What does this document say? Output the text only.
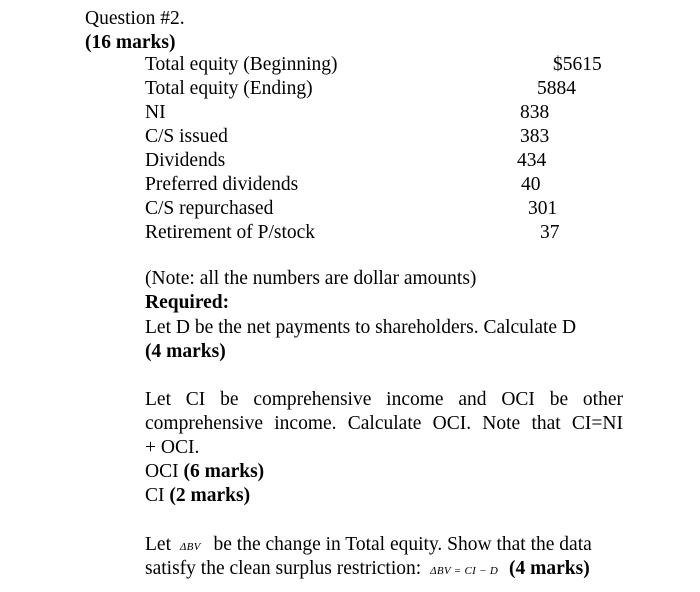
Question #2.
(16 marks)
Total equity (Beginning)	$5615
Total equity (Ending)	5884
NI	838
C/S issued	383
Dividends	434
Preferred dividends	40
C/S repurchased	301
Retirement of P/stock	37
(Note: all the numbers are dollar amounts)
Required:
Let D be the net payments to shareholders. Calculate D
(4 marks)
Let CI be comprehensive income and OCI be other
comprehensive income. Calculate OCI. Note that CI=NI
+ OCI.
OCI (6 marks)
CI (2 marks)
Let ΔBV be the change in Total equity. Show that the data
satisfy the clean surplus restriction: ΔBV = CI − D (4 marks)
